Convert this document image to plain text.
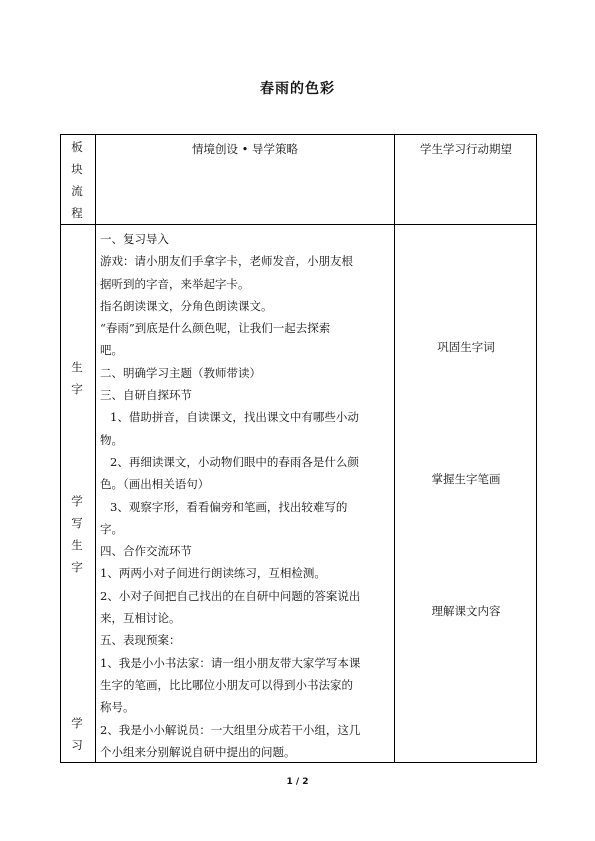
春雨的色彩
板
块
流
程
情境创设 • 导学策略	学生学习行动期望
生
字
学
写
生
字
学
习
一、复习导入
游戏：请小朋友们手拿字卡，老师发音，小朋友根
据听到的字音，来举起字卡。
指名朗读课文，分角色朗读课文。
“春雨”到底是什么颜色呢，让我们一起去探索
吧。
二、明确学习主题（教师带读）
三、自研自探环节
1、借助拼音，自读课文，找出课文中有哪些小动
物。
2、再细读课文，小动物们眼中的春雨各是什么颜
色。（画出相关语句）
3、观察字形，看看偏旁和笔画，找出较难写的
字。
四、合作交流环节
1、两两小对子间进行朗读练习，互相检测。
2、小对子间把自己找出的在自研中问题的答案说出
来，互相讨论。
五、表现预案：
1、我是小小书法家：请一组小朋友带大家学写本课
生字的笔画，比比哪位小朋友可以得到小书法家的
称号。
2、我是小小解说员：一大组里分成若干小组，这几
个小组来分别解说自研中提出的问题。
巩固生字词
掌握生字笔画
理解课文内容
1 / 2
